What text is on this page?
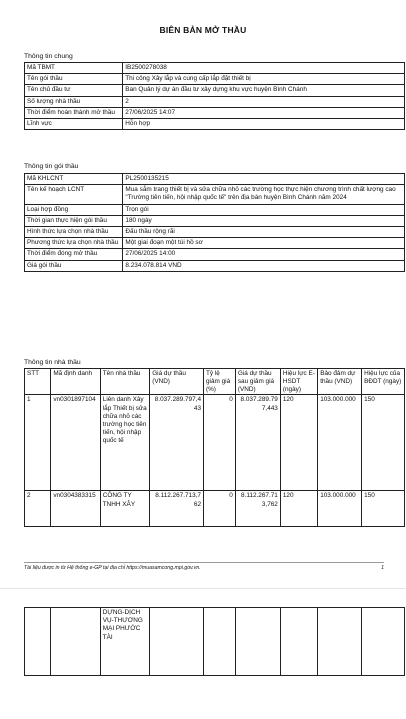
BIÊN BẢN MỞ THẦU
Thông tin chung
Mã TBMT	IB2500278038
Tên gói thầu	Thi công Xây lắp và cung cấp lắp đặt thiết bị
Tên chủ đầu tư	Ban Quản lý dự án đầu tư xây dựng khu vực huyện Bình Chánh
Số lượng nhà thầu	2
Thời điểm hoàn thành mở thầu	27/06/2025 14:07
Lĩnh vực	Hỗn hợp
Thông tin gói thầu
Mã KHLCNT	PL2500135215
Tên kế hoạch LCNT	Mua sắm trang thiết bị và sửa chữa nhỏ các trường học thực hiện chương trình chất lượng cao "Trường tiên tiến, hội nhập quốc tế" trên địa bàn huyện Bình Chánh năm 2024
Loại hợp đồng	Trọn gói
Thời gian thực hiện gói thầu	180 ngày
Hình thức lựa chọn nhà thầu	Đấu thầu rộng rãi
Phương thức lựa chọn nhà thầu	Một giai đoạn một túi hồ sơ
Thời điểm đóng mở thầu	27/06/2025 14:00
Giá gói thầu	8.234.078.814 VND
Thông tin nhà thầu
STT	Mã định danh	Tên nhà thầu	Giá dự thầu (VND)	Tỷ lệ giảm giá (%)	Giá dự thầu sau giảm giá (VND)	Hiệu lực E-HSDT (ngày)	Bảo đảm dự thầu (VND)	Hiệu lực của BĐDT (ngày)
1	vn0301897104	Liên danh Xây lắp Thiết bị sửa chữa nhỏ các trường học tiên tiến, hội nhập quốc tế	8.037.289.797,443	0	8.037.289.797,443	120	103.000.000	150
2	vn0304383315	CÔNG TY TNHH XÂY	8.112.267.713,762	0	8.112.267.713,762	120	103.000.000	150
Tài liệu được in từ Hệ thống e-GP tại địa chỉ https://muasamcong.mpi.gov.vn.	1
		DỰNG-DỊCH VỤ-THƯƠNG MẠI PHƯỚC TÀI						
